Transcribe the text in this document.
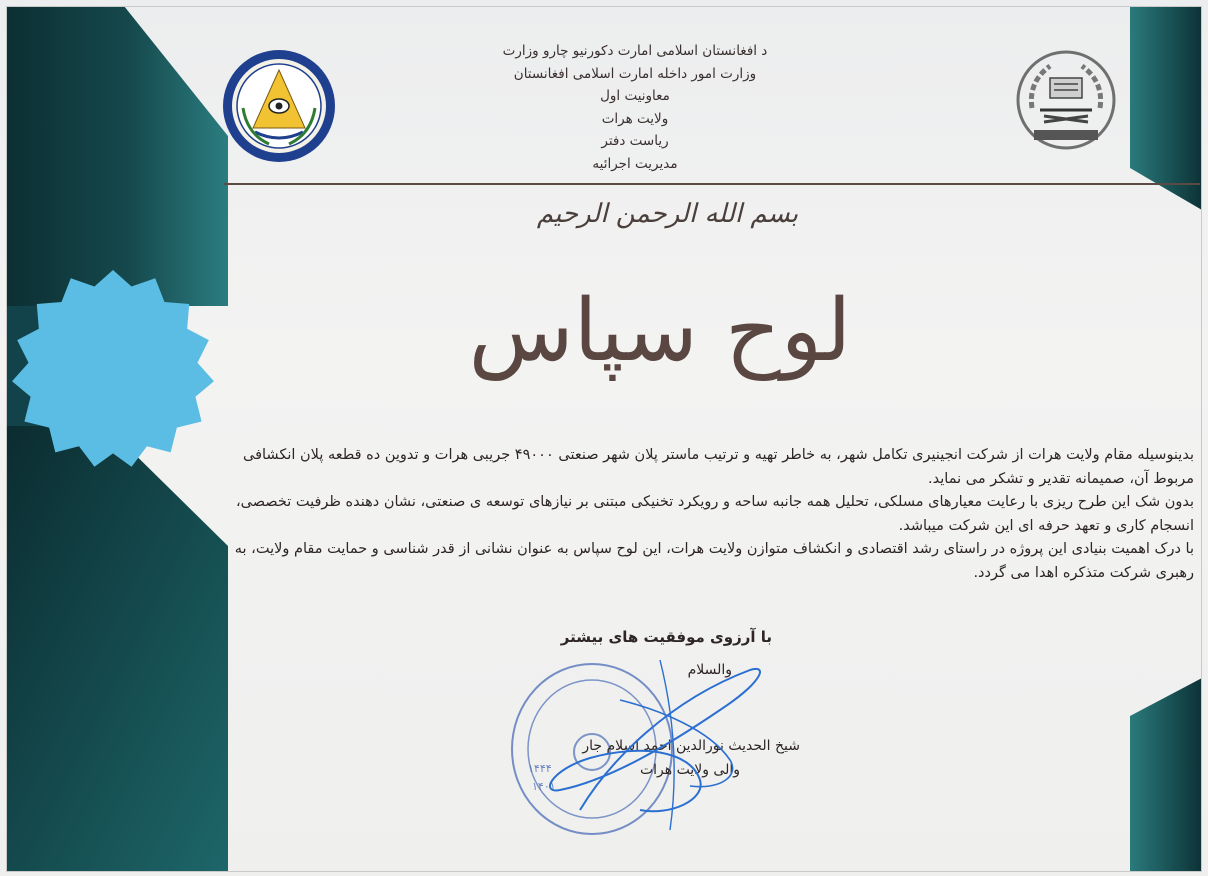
د افغانستان اسلامی امارت دکورنیو چارو وزارت
وزارت امور داخله امارت اسلامی افغانستان
معاونیت اول
ولایت هرات
ریاست دفتر
مدیریت اجرائیه
بسم الله الرحمن الرحیم
لوح سپاس

بدینوسیله مقام ولایت هرات از شرکت انجینیری تکامل شهر، به خاطر تهیه و ترتیب ماستر پلان شهر صنعتی ۴۹۰۰۰ جریبی هرات و تدوین ده قطعه پلان انکشافی مربوط آن، صمیمانه تقدیر و تشکر می نماید.

بدون شک این طرح ریزی با رعایت معیارهای مسلکی، تحلیل همه جانبه ساحه و رویکرد تخنیکی مبتنی بر نیازهای توسعه ی صنعتی، نشان دهنده ظرفیت تخصصی، انسجام کاری و تعهد حرفه ای این شرکت میباشد.

با درک اهمیت بنیادی این پروژه در راستای رشد اقتصادی و انکشاف متوازن ولایت هرات، این لوح سپاس به عنوان نشانی از قدر شناسی و حمایت مقام ولایت، به رهبری شرکت متذکره اهدا می گردد.

با آرزوی موفقیت های بیشتر
والسلام
۱۴۴۴
۱۴۰۱
شیخ الحدیث نورالدین احمد اسلام جار
والی ولایت هرات
